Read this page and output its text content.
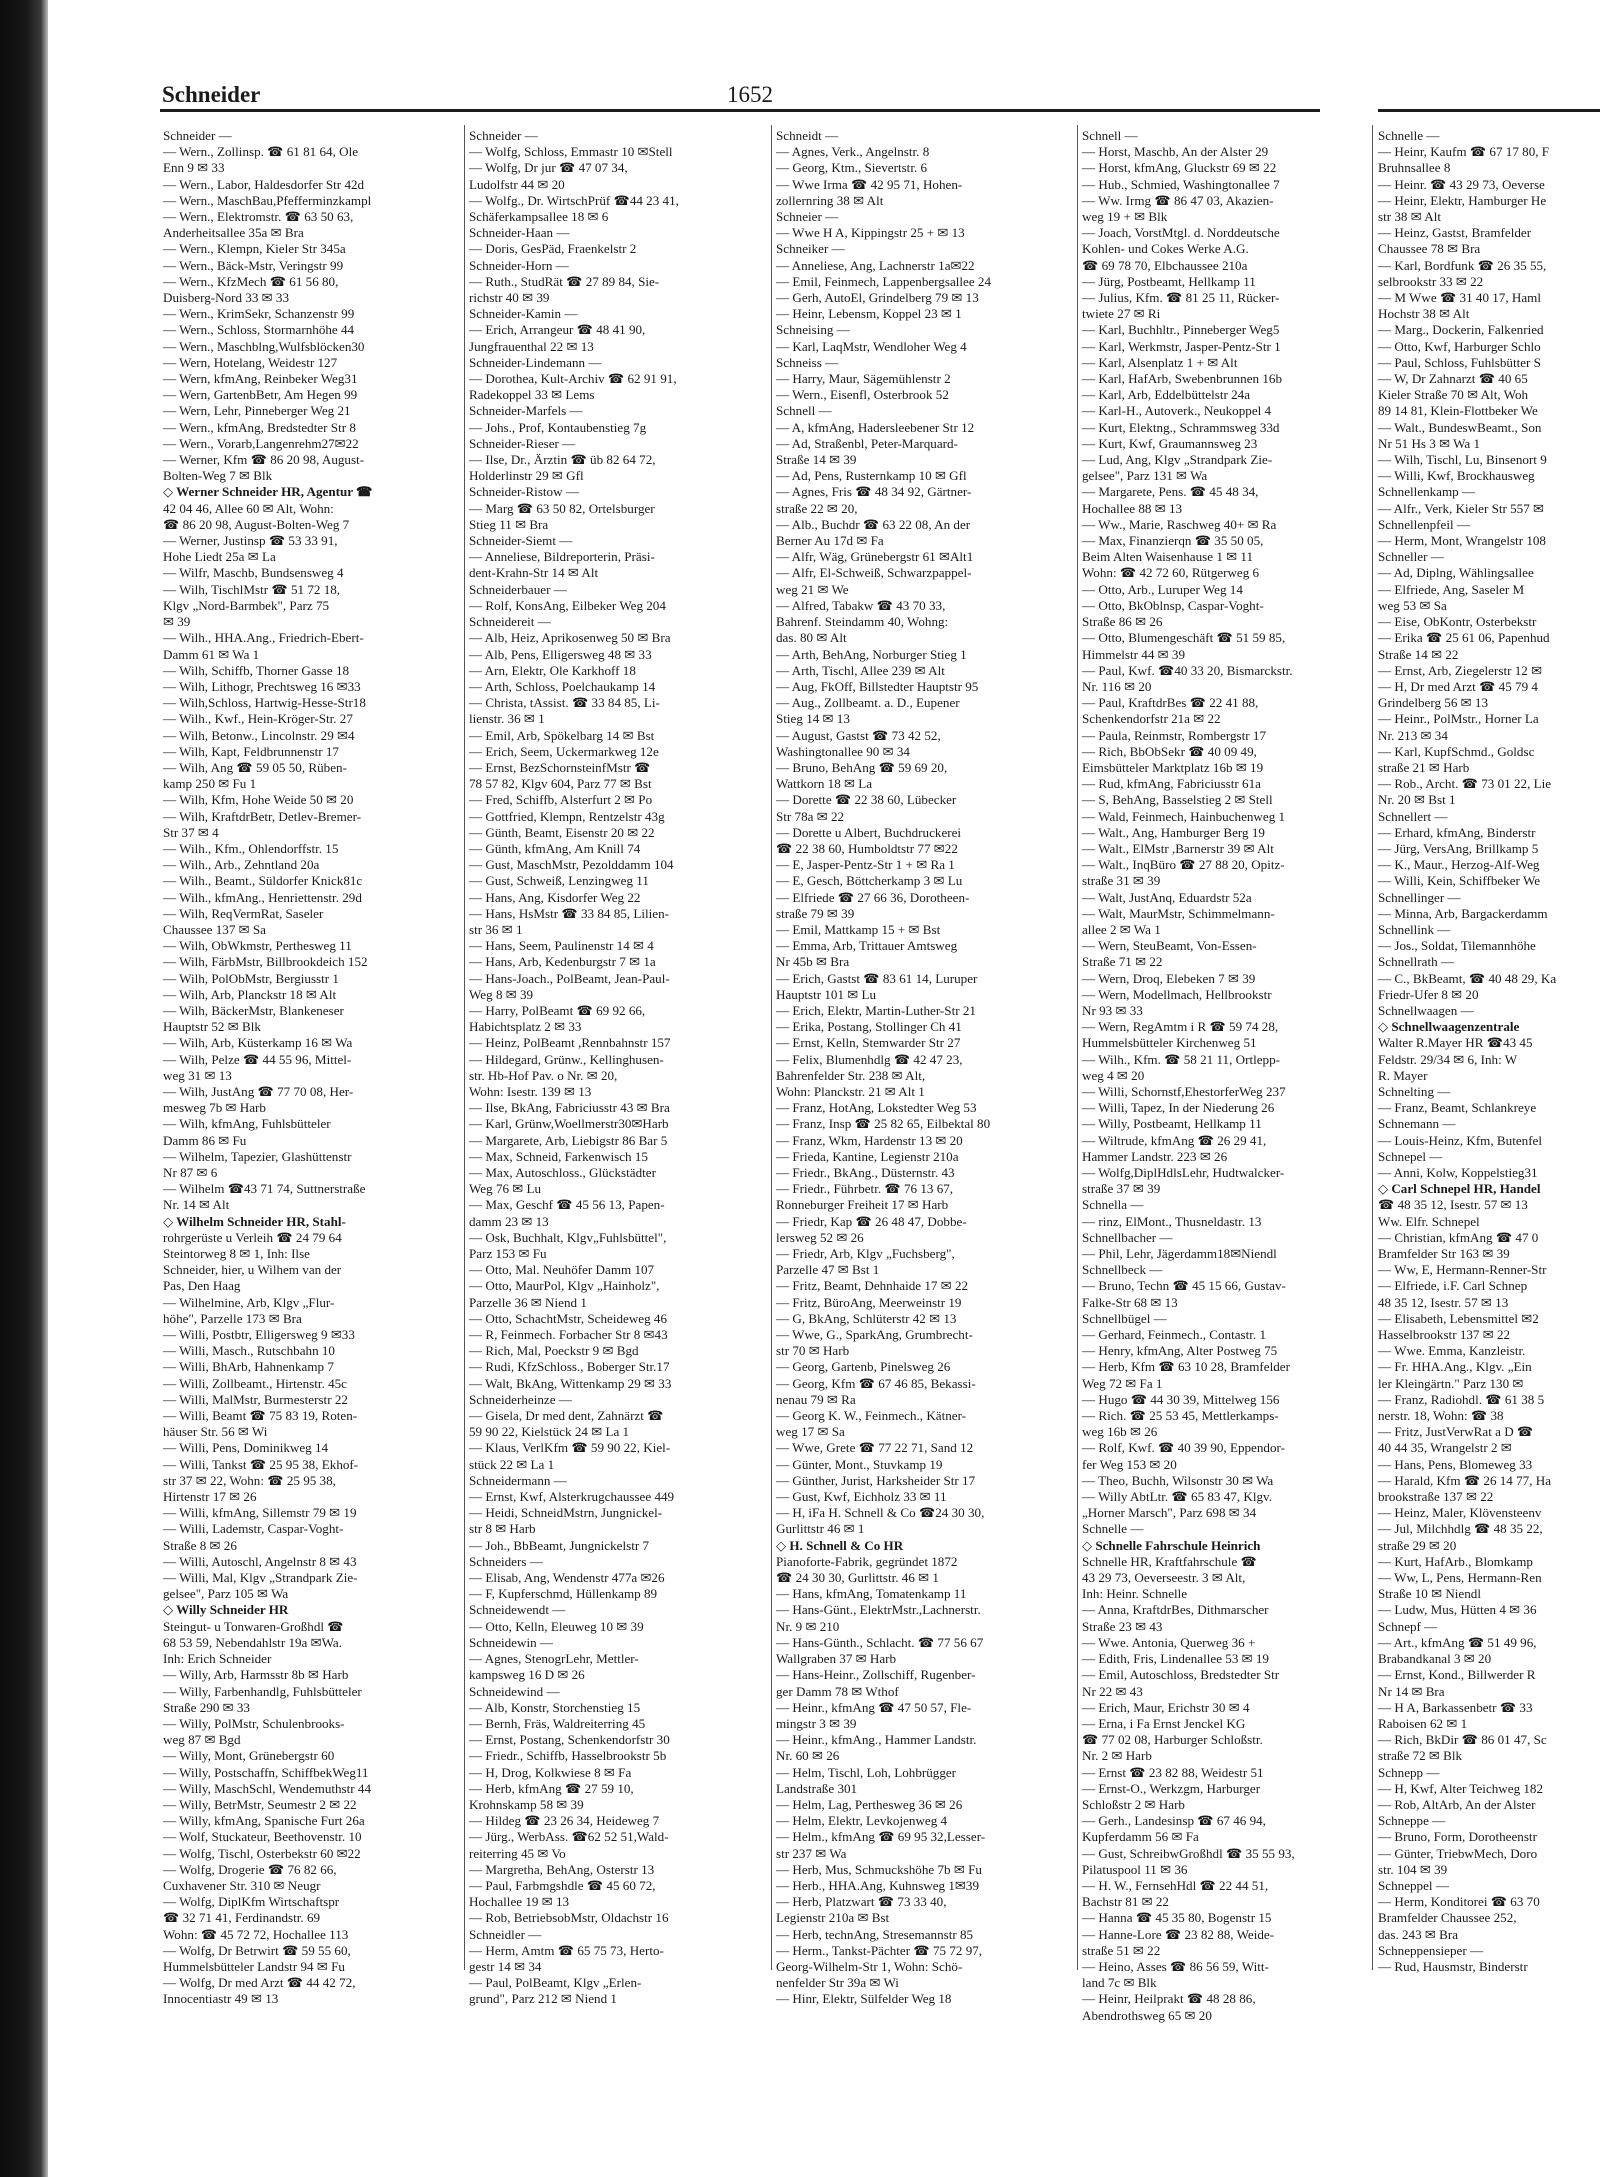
Schneider	1652
Schneider —
— Wern., Zollinsp. ☎ 61 81 64, Ole
Enn 9 ✉ 33
— Wern., Labor, Haldesdorfer Str 42d
— Wern., MaschBau,Pfefferminzkampl
— Wern., Elektromstr. ☎ 63 50 63,
Anderheitsallee 35a ✉ Bra
— Wern., Klempn, Kieler Str 345a
— Wern., Bäck-Mstr, Veringstr 99
— Wern., KfzMech ☎ 61 56 80,
Duisberg-Nord 33 ✉ 33
— Wern., KrimSekr, Schanzenstr 99
— Wern., Schloss, Stormarnhöhe 44
— Wern., Maschblng,Wulfsblöcken30
— Wern, Hotelang, Weidestr 127
— Wern, kfmAng, Reinbeker Weg31
— Wern, GartenbBetr, Am Hegen 99
— Wern, Lehr, Pinneberger Weg 21
— Wern., kfmAng, Bredstedter Str 8
— Wern., Vorarb,Langenrehm27✉22
— Werner, Kfm ☎ 86 20 98, August-
Bolten-Weg 7 ✉ Blk
◇ Werner Schneider HR, Agentur ☎
42 04 46, Allee 60 ✉ Alt, Wohn:
☎ 86 20 98, August-Bolten-Weg 7
— Werner, Justinsp ☎ 53 33 91,
Hohe Liedt 25a ✉ La
— Wilfr, Maschb, Bundsensweg 4
— Wilh, TischlMstr ☎ 51 72 18,
Klgv „Nord-Barmbek", Parz 75
✉ 39
— Wilh., HHA.Ang., Friedrich-Ebert-
Damm 61 ✉ Wa 1
— Wilh, Schiffb, Thorner Gasse 18
— Wilh, Lithogr, Prechtsweg 16 ✉33
— Wilh,Schloss, Hartwig-Hesse-Str18
— Wilh., Kwf., Hein-Kröger-Str. 27
— Wilh, Betonw., Lincolnstr. 29 ✉4
— Wilh, Kapt, Feldbrunnenstr 17
— Wilh, Ang ☎ 59 05 50, Rüben-
kamp 250 ✉ Fu 1
— Wilh, Kfm, Hohe Weide 50 ✉ 20
— Wilh, KraftdrBetr, Detlev-Bremer-
Str 37 ✉ 4
— Wilh., Kfm., Ohlendorffstr. 15
— Wilh., Arb., Zehntland 20a
— Wilh., Beamt., Süldorfer Knick81c
— Wilh., kfmAng., Henriettenstr. 29d
— Wilh, ReqVermRat, Saseler
Chaussee 137 ✉ Sa
— Wilh, ObWkmstr, Perthesweg 11
— Wilh, FärbMstr, Billbrookdeich 152
— Wilh, PolObMstr, Bergiusstr 1
— Wilh, Arb, Planckstr 18 ✉ Alt
— Wilh, BäckerMstr, Blankeneser
Hauptstr 52 ✉ Blk
— Wilh, Arb, Küsterkamp 16 ✉ Wa
— Wilh, Pelze ☎ 44 55 96, Mittel-
weg 31 ✉ 13
— Wilh, JustAng ☎ 77 70 08, Her-
mesweg 7b ✉ Harb
— Wilh, kfmAng, Fuhlsbütteler
Damm 86 ✉ Fu
— Wilhelm, Tapezier, Glashüttenstr
Nr 87 ✉ 6
— Wilhelm ☎43 71 74, Suttnerstraße
Nr. 14 ✉ Alt
◇ Wilhelm Schneider HR, Stahl-
rohrgerüste u Verleih ☎ 24 79 64
Steintorweg 8 ✉ 1, Inh: Ilse
Schneider, hier, u Wilhem van der
Pas, Den Haag
— Wilhelmine, Arb, Klgv „Flur-
höhe", Parzelle 173 ✉ Bra
— Willi, Postbtr, Elligersweg 9 ✉33
— Willi, Masch., Rutschbahn 10
— Willi, BhArb, Hahnenkamp 7
— Willi, Zollbeamt., Hirtenstr. 45c
— Willi, MalMstr, Burmesterstr 22
— Willi, Beamt ☎ 75 83 19, Roten-
häuser Str. 56 ✉ Wi
— Willi, Pens, Dominikweg 14
— Willi, Tankst ☎ 25 95 38, Ekhof-
str 37 ✉ 22, Wohn: ☎ 25 95 38,
Hirtenstr 17 ✉ 26
— Willi, kfmAng, Sillemstr 79 ✉ 19
— Willi, Lademstr, Caspar-Voght-
Straße 8 ✉ 26
— Willi, Autoschl, Angelnstr 8 ✉ 43
— Willi, Mal, Klgv „Strandpark Zie-
gelsee", Parz 105 ✉ Wa
◇ Willy Schneider HR
Steingut- u Tonwaren-Großhdl ☎
68 53 59, Nebendahlstr 19a ✉Wa.
Inh: Erich Schneider
— Willy, Arb, Harmsstr 8b ✉ Harb
— Willy, Farbenhandlg, Fuhlsbütteler
Straße 290 ✉ 33
— Willy, PolMstr, Schulenbrooks-
weg 87 ✉ Bgd
— Willy, Mont, Grünebergstr 60
— Willy, Postschaffn, SchiffbekWeg11
— Willy, MaschSchl, Wendemuthstr 44
— Willy, BetrMstr, Seumestr 2 ✉ 22
— Willy, kfmAng, Spanische Furt 26a
— Wolf, Stuckateur, Beethovenstr. 10
— Wolfg, Tischl, Osterbekstr 60 ✉22
— Wolfg, Drogerie ☎ 76 82 66,
Cuxhavener Str. 310 ✉ Neugr
— Wolfg, DiplKfm Wirtschaftspr
☎ 32 71 41, Ferdinandstr. 69
Wohn: ☎ 45 72 72, Hochallee 113
— Wolfg, Dr Betrwirt ☎ 59 55 60,
Hummelsbütteler Landstr 94 ✉ Fu
— Wolfg, Dr med Arzt ☎ 44 42 72,
Innocentiastr 49 ✉ 13
Schneider —
— Wolfg, Schloss, Emmastr 10 ✉Stell
— Wolfg, Dr jur ☎ 47 07 34,
Ludolfstr 44 ✉ 20
— Wolfg., Dr. WirtschPrüf ☎44 23 41,
Schäferkampsallee 18 ✉ 6
Schneider-Haan —
— Doris, GesPäd, Fraenkelstr 2
Schneider-Horn —
— Ruth., StudRät ☎ 27 89 84, Sie-
richstr 40 ✉ 39
Schneider-Kamin —
— Erich, Arrangeur ☎ 48 41 90,
Jungfrauenthal 22 ✉ 13
Schneider-Lindemann —
— Dorothea, Kult-Archiv ☎ 62 91 91,
Radekoppel 33 ✉ Lems
Schneider-Marfels —
— Johs., Prof, Kontaubenstieg 7g
Schneider-Rieser —
— Ilse, Dr., Ärztin ☎ üb 82 64 72,
Holderlinstr 29 ✉ Gfl
Schneider-Ristow —
— Marg ☎ 63 50 82, Ortelsburger
Stieg 11 ✉ Bra
Schneider-Siemt —
— Anneliese, Bildreporterin, Präsi-
dent-Krahn-Str 14 ✉ Alt
Schneiderbauer —
— Rolf, KonsAng, Eilbeker Weg 204
Schneidereit —
— Alb, Heiz, Aprikosenweg 50 ✉ Bra
— Alb, Pens, Elligersweg 48 ✉ 33
— Arn, Elektr, Ole Karkhoff 18
— Arth, Schloss, Poelchaukamp 14
— Christa, tAssist. ☎ 33 84 85, Li-
lienstr. 36 ✉ 1
— Emil, Arb, Spökelbarg 14 ✉ Bst
— Erich, Seem, Uckermarkweg 12e
— Ernst, BezSchornsteinfMstr ☎
78 57 82, Klgv 604, Parz 77 ✉ Bst
— Fred, Schiffb, Alsterfurt 2 ✉ Po
— Gottfried, Klempn, Rentzelstr 43g
— Günth, Beamt, Eisenstr 20 ✉ 22
— Günth, kfmAng, Am Knill 74
— Gust, MaschMstr, Pezolddamm 104
— Gust, Schweiß, Lenzingweg 11
— Hans, Ang, Kisdorfer Weg 22
— Hans, HsMstr ☎ 33 84 85, Lilien-
str 36 ✉ 1
— Hans, Seem, Paulinenstr 14 ✉ 4
— Hans, Arb, Kedenburgstr 7 ✉ 1a
— Hans-Joach., PolBeamt, Jean-Paul-
Weg 8 ✉ 39
— Harry, PolBeamt ☎ 69 92 66,
Habichtsplatz 2 ✉ 33
— Heinz, PolBeamt ,Rennbahnstr 157
— Hildegard, Grünw., Kellinghusen-
str. Hb-Hof Pav. o Nr. ✉ 20,
Wohn: Isestr. 139 ✉ 13
— Ilse, BkAng, Fabriciusstr 43 ✉ Bra
— Karl, Grünw,Woellmerstr30✉Harb
— Margarete, Arb, Liebigstr 86 Bar 5
— Max, Schneid, Farkenwisch 15
— Max, Autoschloss., Glückstädter
Weg 76 ✉ Lu
— Max, Geschf ☎ 45 56 13, Papen-
damm 23 ✉ 13
— Osk, Buchhalt, Klgv„Fuhlsbüttel",
Parz 153 ✉ Fu
— Otto, Mal. Neuhöfer Damm 107
— Otto, MaurPol, Klgv „Hainholz",
Parzelle 36 ✉ Niend 1
— Otto, SchachtMstr, Scheideweg 46
— R, Feinmech. Forbacher Str 8 ✉43
— Rich, Mal, Poeckstr 9 ✉ Bgd
— Rudi, KfzSchloss., Boberger Str.17
— Walt, BkAng, Wittenkamp 29 ✉ 33
Schneiderheinze —
— Gisela, Dr med dent, Zahnärzt ☎
59 90 22, Kielstück 24 ✉ La 1
— Klaus, VerlKfm ☎ 59 90 22, Kiel-
stück 22 ✉ La 1
Schneidermann —
— Ernst, Kwf, Alsterkrugchaussee 449
— Heidi, SchneidMstrn, Jungnickel-
str 8 ✉ Harb
— Joh., BbBeamt, Jungnickelstr 7
Schneiders —
— Elisab, Ang, Wendenstr 477a ✉26
— F, Kupferschmd, Hüllenkamp 89
Schneidewendt —
— Otto, Kelln, Eleuweg 10 ✉ 39
Schneidewin —
— Agnes, StenogrLehr, Mettler-
kampsweg 16 D ✉ 26
Schneidewind —
— Alb, Konstr, Storchenstieg 15
— Bernh, Fräs, Waldreiterring 45
— Ernst, Postang, Schenkendorfstr 30
— Friedr., Schiffb, Hasselbrookstr 5b
— H, Drog, Kolkwiese 8 ✉ Fa
— Herb, kfmAng ☎ 27 59 10,
Krohnskamp 58 ✉ 39
— Hildeg ☎ 23 26 34, Heideweg 7
— Jürg., WerbAss. ☎62 52 51,Wald-
reiterring 45 ✉ Vo
— Margretha, BehAng, Osterstr 13
— Paul, Farbmgshdle ☎ 45 60 72,
Hochallee 19 ✉ 13
— Rob, BetriebsobMstr, Oldachstr 16
Schneidler —
— Herm, Amtm ☎ 65 75 73, Herto-
gestr 14 ✉ 34
— Paul, PolBeamt, Klgv „Erlen-
grund", Parz 212 ✉ Niend 1
Schneidt —
— Agnes, Verk., Angelnstr. 8
— Georg, Ktm., Sievertstr. 6
— Wwe Irma ☎ 42 95 71, Hohen-
zollernring 38 ✉ Alt
Schneier —
— Wwe H A, Kippingstr 25 + ✉ 13
Schneiker —
— Anneliese, Ang, Lachnerstr 1a✉22
— Emil, Feinmech, Lappenbergsallee 24
— Gerh, AutoEl, Grindelberg 79 ✉ 13
— Heinr, Lebensm, Koppel 23 ✉ 1
Schneising —
— Karl, LaqMstr, Wendloher Weg 4
Schneiss —
— Harry, Maur, Sägemühlenstr 2
— Wern., Eisenfl, Osterbrook 52
Schnell —
— A, kfmAng, Hadersleebener Str 12
— Ad, Straßenbl, Peter-Marquard-
Straße 14 ✉ 39
— Ad, Pens, Rusternkamp 10 ✉ Gfl
— Agnes, Fris ☎ 48 34 92, Gärtner-
straße 22 ✉ 20,
— Alb., Buchdr ☎ 63 22 08, An der
Berner Au 17d ✉ Fa
— Alfr, Wäg, Grünebergstr 61 ✉Alt1
— Alfr, El-Schweiß, Schwarzpappel-
weg 21 ✉ We
— Alfred, Tabakw ☎ 43 70 33,
Bahrenf. Steindamm 40, Wohng:
das. 80 ✉ Alt
— Arth, BehAng, Norburger Stieg 1
— Arth, Tischl, Allee 239 ✉ Alt
— Aug, FkOff, Billstedter Hauptstr 95
— Aug., Zollbeamt. a. D., Eupener
Stieg 14 ✉ 13
— August, Gastst ☎ 73 42 52,
Washingtonallee 90 ✉ 34
— Bruno, BehAng ☎ 59 69 20,
Wattkorn 18 ✉ La
— Dorette ☎ 22 38 60, Lübecker
Str 78a ✉ 22
— Dorette u Albert, Buchdruckerei
☎ 22 38 60, Humboldtstr 77 ✉22
— E, Jasper-Pentz-Str 1 + ✉ Ra 1
— E, Gesch, Böttcherkamp 3 ✉ Lu
— Elfriede ☎ 27 66 36, Dorotheen-
straße 79 ✉ 39
— Emil, Mattkamp 15 + ✉ Bst
— Emma, Arb, Trittauer Amtsweg
Nr 45b ✉ Bra
— Erich, Gastst ☎ 83 61 14, Luruper
Hauptstr 101 ✉ Lu
— Erich, Elektr, Martin-Luther-Str 21
— Erika, Postang, Stollinger Ch 41
— Ernst, Kelln, Stemwarder Str 27
— Felix, Blumenhdlg ☎ 42 47 23,
Bahrenfelder Str. 238 ✉ Alt,
Wohn: Planckstr. 21 ✉ Alt 1
— Franz, HotAng, Lokstedter Weg 53
— Franz, Insp ☎ 25 82 65, Eilbektal 80
— Franz, Wkm, Hardenstr 13 ✉ 20
— Frieda, Kantine, Legienstr 210a
— Friedr., BkAng., Düsternstr. 43
— Friedr., Führbetr. ☎ 76 13 67,
Ronneburger Freiheit 17 ✉ Harb
— Friedr, Kap ☎ 26 48 47, Dobbe-
lersweg 52 ✉ 26
— Friedr, Arb, Klgv „Fuchsberg",
Parzelle 47 ✉ Bst 1
— Fritz, Beamt, Dehnhaide 17 ✉ 22
— Fritz, BüroAng, Meerweinstr 19
— G, BkAng, Schlüterstr 42 ✉ 13
— Wwe, G., SparkAng, Grumbrecht-
str 70 ✉ Harb
— Georg, Gartenb, Pinelsweg 26
— Georg, Kfm ☎ 67 46 85, Bekassi-
nenau 79 ✉ Ra
— Georg K. W., Feinmech., Kätner-
weg 17 ✉ Sa
— Wwe, Grete ☎ 77 22 71, Sand 12
— Günter, Mont., Stuvkamp 19
— Günther, Jurist, Harksheider Str 17
— Gust, Kwf, Eichholz 33 ✉ 11
— H, iFa H. Schnell & Co ☎24 30 30,
Gurlittstr 46 ✉ 1
◇ H. Schnell & Co HR
Pianoforte-Fabrik, gegründet 1872
☎ 24 30 30, Gurlittstr. 46 ✉ 1
— Hans, kfmAng, Tomatenkamp 11
— Hans-Günt., ElektrMstr.,Lachnerstr.
Nr. 9 ✉ 210
— Hans-Günth., Schlacht. ☎ 77 56 67
Wallgraben 37 ✉ Harb
— Hans-Heinr., Zollschiff, Rugenber-
ger Damm 78 ✉ Wthof
— Heinr., kfmAng ☎ 47 50 57, Fle-
mingstr 3 ✉ 39
— Heinr., kfmAng., Hammer Landstr.
Nr. 60 ✉ 26
— Helm, Tischl, Loh, Lohbrügger
Landstraße 301
— Helm, Lag, Perthesweg 36 ✉ 26
— Helm, Elektr, Levkojenweg 4
— Helm., kfmAng ☎ 69 95 32,Lesser-
str 237 ✉ Wa
— Herb, Mus, Schmuckshöhe 7b ✉ Fu
— Herb., HHA.Ang, Kuhnsweg 1✉39
— Herb, Platzwart ☎ 73 33 40,
Legienstr 210a ✉ Bst
— Herb, technAng, Stresemannstr 85
— Herm., Tankst-Pächter ☎ 75 72 97,
Georg-Wilhelm-Str 1, Wohn: Schö-
nenfelder Str 39a ✉ Wi
— Hinr, Elektr, Sülfelder Weg 18
Schnell —
— Horst, Maschb, An der Alster 29
— Horst, kfmAng, Gluckstr 69 ✉ 22
— Hub., Schmied, Washingtonallee 7
— Ww. Irmg ☎ 86 47 03, Akazien-
weg 19 + ✉ Blk
— Joach, VorstMtgl. d. Norddeutsche
Kohlen- und Cokes Werke A.G.
☎ 69 78 70, Elbchaussee 210a
— Jürg, Postbeamt, Hellkamp 11
— Julius, Kfm. ☎ 81 25 11, Rücker-
twiete 27 ✉ Ri
— Karl, Buchhltr., Pinneberger Weg5
— Karl, Werkmstr, Jasper-Pentz-Str 1
— Karl, Alsenplatz 1 + ✉ Alt
— Karl, HafArb, Swebenbrunnen 16b
— Karl, Arb, Eddelbüttelstr 24a
— Karl-H., Autoverk., Neukoppel 4
— Kurt, Elektng., Schrammsweg 33d
— Kurt, Kwf, Graumannsweg 23
— Lud, Ang, Klgv „Strandpark Zie-
gelsee", Parz 131 ✉ Wa
— Margarete, Pens. ☎ 45 48 34,
Hochallee 88 ✉ 13
— Ww., Marie, Raschweg 40+ ✉ Ra
— Max, Finanzierqn ☎ 35 50 05,
Beim Alten Waisenhause 1 ✉ 11
Wohn: ☎ 42 72 60, Rütgerweg 6
— Otto, Arb., Luruper Weg 14
— Otto, BkOblnsp, Caspar-Voght-
Straße 86 ✉ 26
— Otto, Blumengeschäft ☎ 51 59 85,
Himmelstr 44 ✉ 39
— Paul, Kwf. ☎40 33 20, Bismarckstr.
Nr. 116 ✉ 20
— Paul, KraftdrBes ☎ 22 41 88,
Schenkendorfstr 21a ✉ 22
— Paula, Reinmstr, Rombergstr 17
— Rich, BbObSekr ☎ 40 09 49,
Eimsbütteler Marktplatz 16b ✉ 19
— Rud, kfmAng, Fabriciusstr 61a
— S, BehAng, Basselstieg 2 ✉ Stell
— Wald, Feinmech, Hainbuchenweg 1
— Walt., Ang, Hamburger Berg 19
— Walt., ElMstr ,Barnerstr 39 ✉ Alt
— Walt., InqBüro ☎ 27 88 20, Opitz-
straße 31 ✉ 39
— Walt, JustAnq, Eduardstr 52a
— Walt, MaurMstr, Schimmelmann-
allee 2 ✉ Wa 1
— Wern, SteuBeamt, Von-Essen-
Straße 71 ✉ 22
— Wern, Droq, Elebeken 7 ✉ 39
— Wern, Modellmach, Hellbrookstr
Nr 93 ✉ 33
— Wern, RegAmtm i R ☎ 59 74 28,
Hummelsbütteler Kirchenweg 51
— Wilh., Kfm. ☎ 58 21 11, Ortlepp-
weg 4 ✉ 20
— Willi, Schornstf,EhestorferWeg 237
— Willi, Tapez, In der Niederung 26
— Willy, Postbeamt, Hellkamp 11
— Wiltrude, kfmAng ☎ 26 29 41,
Hammer Landstr. 223 ✉ 26
— Wolfg,DiplHdlsLehr, Hudtwalcker-
straße 37 ✉ 39
Schnella —
— rinz, ElMont., Thusneldastr. 13
Schnellbacher —
— Phil, Lehr, Jägerdamm18✉Niendl
Schnellbeck —
— Bruno, Techn ☎ 45 15 66, Gustav-
Falke-Str 68 ✉ 13
Schnellbügel —
— Gerhard, Feinmech., Contastr. 1
— Henry, kfmAng, Alter Postweg 75
— Herb, Kfm ☎ 63 10 28, Bramfelder
Weg 72 ✉ Fa 1
— Hugo ☎ 44 30 39, Mittelweg 156
— Rich. ☎ 25 53 45, Mettlerkamps-
weg 16b ✉ 26
— Rolf, Kwf. ☎ 40 39 90, Eppendor-
fer Weg 153 ✉ 20
— Theo, Buchh, Wilsonstr 30 ✉ Wa
— Willy AbtLtr. ☎ 65 83 47, Klgv.
„Horner Marsch", Parz 698 ✉ 34
Schnelle —
◇ Schnelle Fahrschule Heinrich
Schnelle HR, Kraftfahrschule ☎
43 29 73, Oeverseestr. 3 ✉ Alt,
Inh: Heinr. Schnelle
— Anna, KraftdrBes, Dithmarscher
Straße 23 ✉ 43
— Wwe. Antonia, Querweg 36 +
— Edith, Fris, Lindenallee 53 ✉ 19
— Emil, Autoschloss, Bredstedter Str
Nr 22 ✉ 43
— Erich, Maur, Erichstr 30 ✉ 4
— Erna, i Fa Ernst Jenckel KG
☎ 77 02 08, Harburger Schloßstr.
Nr. 2 ✉ Harb
— Ernst ☎ 23 82 88, Weidestr 51
— Ernst-O., Werkzgm, Harburger
Schloßstr 2 ✉ Harb
— Gerh., Landesinsp ☎ 67 46 94,
Kupferdamm 56 ✉ Fa
— Gust, SchreibwGroßhdl ☎ 35 55 93,
Pilatuspool 11 ✉ 36
— H. W., FernsehHdl ☎ 22 44 51,
Bachstr 81 ✉ 22
— Hanna ☎ 45 35 80, Bogenstr 15
— Hanne-Lore ☎ 23 82 88, Weide-
straße 51 ✉ 22
— Heino, Asses ☎ 86 56 59, Witt-
land 7c ✉ Blk
— Heinr, Heilprakt ☎ 48 28 86,
Abendrothsweg 65 ✉ 20
Schnelle —
— Heinr, Kaufm ☎ 67 17 80, F
Bruhnsallee 8
— Heinr. ☎ 43 29 73, Oeverse
— Heinr, Elektr, Hamburger He
str 38 ✉ Alt
— Heinz, Gastst, Bramfelder
Chaussee 78 ✉ Bra
— Karl, Bordfunk ☎ 26 35 55,
selbrookstr 33 ✉ 22
— M Wwe ☎ 31 40 17, Haml
Hochstr 38 ✉ Alt
— Marg., Dockerin, Falkenried
— Otto, Kwf, Harburger Schlo
— Paul, Schloss, Fuhlsbütter S
— W, Dr Zahnarzt ☎ 40 65
Kieler Straße 70 ✉ Alt, Woh
89 14 81, Klein-Flottbeker We
— Walt., BundeswBeamt., Son
Nr 51 Hs 3 ✉ Wa 1
— Wilh, Tischl, Lu, Binsenort 9
— Willi, Kwf, Brockhausweg
Schnellenkamp —
— Alfr., Verk, Kieler Str 557 ✉
Schnellenpfeil —
— Herm, Mont, Wrangelstr 108
Schneller —
— Ad, Diplng, Wählingsallee
— Elfriede, Ang, Saseler M
weg 53 ✉ Sa
— Eise, ObKontr, Osterbekstr
— Erika ☎ 25 61 06, Papenhud
Straße 14 ✉ 22
— Ernst, Arb, Ziegelerstr 12 ✉
— H, Dr med Arzt ☎ 45 79 4
Grindelberg 56 ✉ 13
— Heinr., PolMstr., Horner La
Nr. 213 ✉ 34
— Karl, KupfSchmd., Goldsc
straße 21 ✉ Harb
— Rob., Archt. ☎ 73 01 22, Lie
Nr. 20 ✉ Bst 1
Schnellert —
— Erhard, kfmAng, Binderstr
— Jürg, VersAng, Brillkamp 5
— K., Maur., Herzog-Alf-Weg
— Willi, Kein, Schiffbeker We
Schnellinger —
— Minna, Arb, Bargackerdamm
Schnellink —
— Jos., Soldat, Tilemannhöhe
Schnellrath —
— C., BkBeamt, ☎ 40 48 29, Ka
Friedr-Ufer 8 ✉ 20
Schnellwaagen —
◇ Schnellwaagenzentrale
Walter R.Mayer HR ☎43 45
Feldstr. 29/34 ✉ 6, Inh: W
R. Mayer
Schnelting —
— Franz, Beamt, Schlankreye
Schnemann —
— Louis-Heinz, Kfm, Butenfel
Schnepel —
— Anni, Kolw, Koppelstieg31
◇ Carl Schnepel HR, Handel
☎ 48 35 12, Isestr. 57 ✉ 13
Ww. Elfr. Schnepel
— Christian, kfmAng ☎ 47 0
Bramfelder Str 163 ✉ 39
— Ww, E, Hermann-Renner-Str
— Elfriede, i.F. Carl Schnep
48 35 12, Isestr. 57 ✉ 13
— Elisabeth, Lebensmittel ✉2
Hasselbrookstr 137 ✉ 22
— Wwe. Emma, Kanzleistr.
— Fr. HHA.Ang., Klgv. „Ein
ler Kleingärtn." Parz 130 ✉
— Franz, Radiohdl. ☎ 61 38 5
nerstr. 18, Wohn: ☎ 38
— Fritz, JustVerwRat a D ☎
40 44 35, Wrangelstr 2 ✉
— Hans, Pens, Blomeweg 33
— Harald, Kfm ☎ 26 14 77, Ha
brookstraße 137 ✉ 22
— Heinz, Maler, Klövensteenv
— Jul, Milchhdlg ☎ 48 35 22,
straße 29 ✉ 20
— Kurt, HafArb., Blomkamp
— Ww, L, Pens, Hermann-Ren
Straße 10 ✉ Niendl
— Ludw, Mus, Hütten 4 ✉ 36
Schnepf —
— Art., kfmAng ☎ 51 49 96,
Brabandkanal 3 ✉ 20
— Ernst, Kond., Billwerder R
Nr 14 ✉ Bra
— H A, Barkassenbetr ☎ 33
Raboisen 62 ✉ 1
— Rich, BkDir ☎ 86 01 47, Sc
straße 72 ✉ Blk
Schnepp —
— H, Kwf, Alter Teichweg 182
— Rob, AltArb, An der Alster
Schneppe —
— Bruno, Form, Dorotheenstr
— Günter, TriebwMech, Doro
str. 104 ✉ 39
Schneppel —
— Herm, Konditorei ☎ 63 70
Bramfelder Chaussee 252,
das. 243 ✉ Bra
Schneppensieper —
— Rud, Hausmstr, Binderstr
